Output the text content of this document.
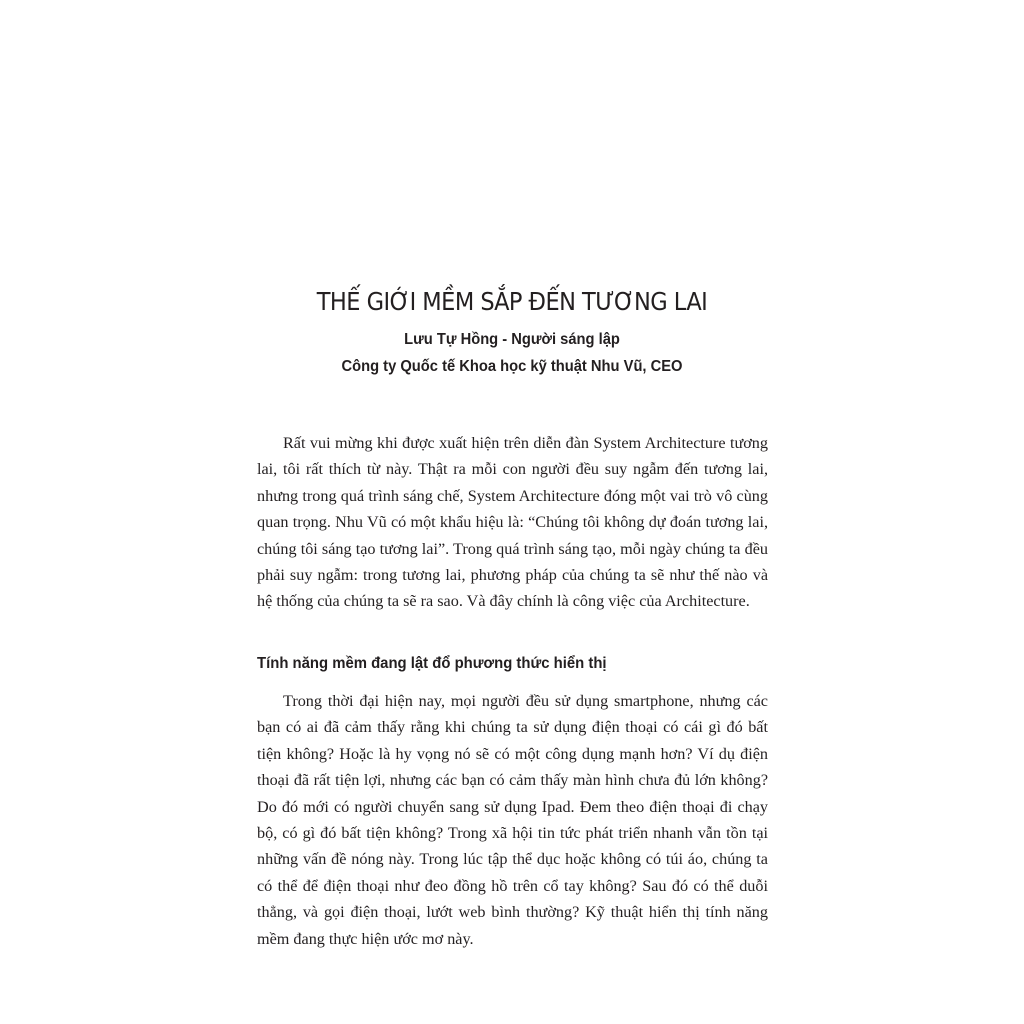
THẾ GIỚI MỀM SẮP ĐẾN TƯƠNG LAI

Lưu Tự Hồng - Người sáng lập

Công ty Quốc tế Khoa học kỹ thuật Nhu Vũ, CEO

Rất vui mừng khi được xuất hiện trên diễn đàn System Architecture tương lai, tôi rất thích từ này. Thật ra mỗi con người đều suy ngẫm đến tương lai, nhưng trong quá trình sáng chế, System Architecture đóng một vai trò vô cùng quan trọng. Nhu Vũ có một khẩu hiệu là: “Chúng tôi không dự đoán tương lai, chúng tôi sáng tạo tương lai”. Trong quá trình sáng tạo, mỗi ngày chúng ta đều phải suy ngẫm: trong tương lai, phương pháp của chúng ta sẽ như thế nào và hệ thống của chúng ta sẽ ra sao. Và đây chính là công việc của Architecture.

Tính năng mềm đang lật đổ phương thức hiển thị

Trong thời đại hiện nay, mọi người đều sử dụng smartphone, nhưng các bạn có ai đã cảm thấy rằng khi chúng ta sử dụng điện thoại có cái gì đó bất tiện không? Hoặc là hy vọng nó sẽ có một công dụng mạnh hơn? Ví dụ điện thoại đã rất tiện lợi, nhưng các bạn có cảm thấy màn hình chưa đủ lớn không? Do đó mới có người chuyển sang sử dụng Ipad. Đem theo điện thoại đi chạy bộ, có gì đó bất tiện không? Trong xã hội tin tức phát triển nhanh vẫn tồn tại những vấn đề nóng này. Trong lúc tập thể dục hoặc không có túi áo, chúng ta có thể để điện thoại như đeo đồng hồ trên cổ tay không? Sau đó có thể duỗi thẳng, và gọi điện thoại, lướt web bình thường? Kỹ thuật hiển thị tính năng mềm đang thực hiện ước mơ này.
